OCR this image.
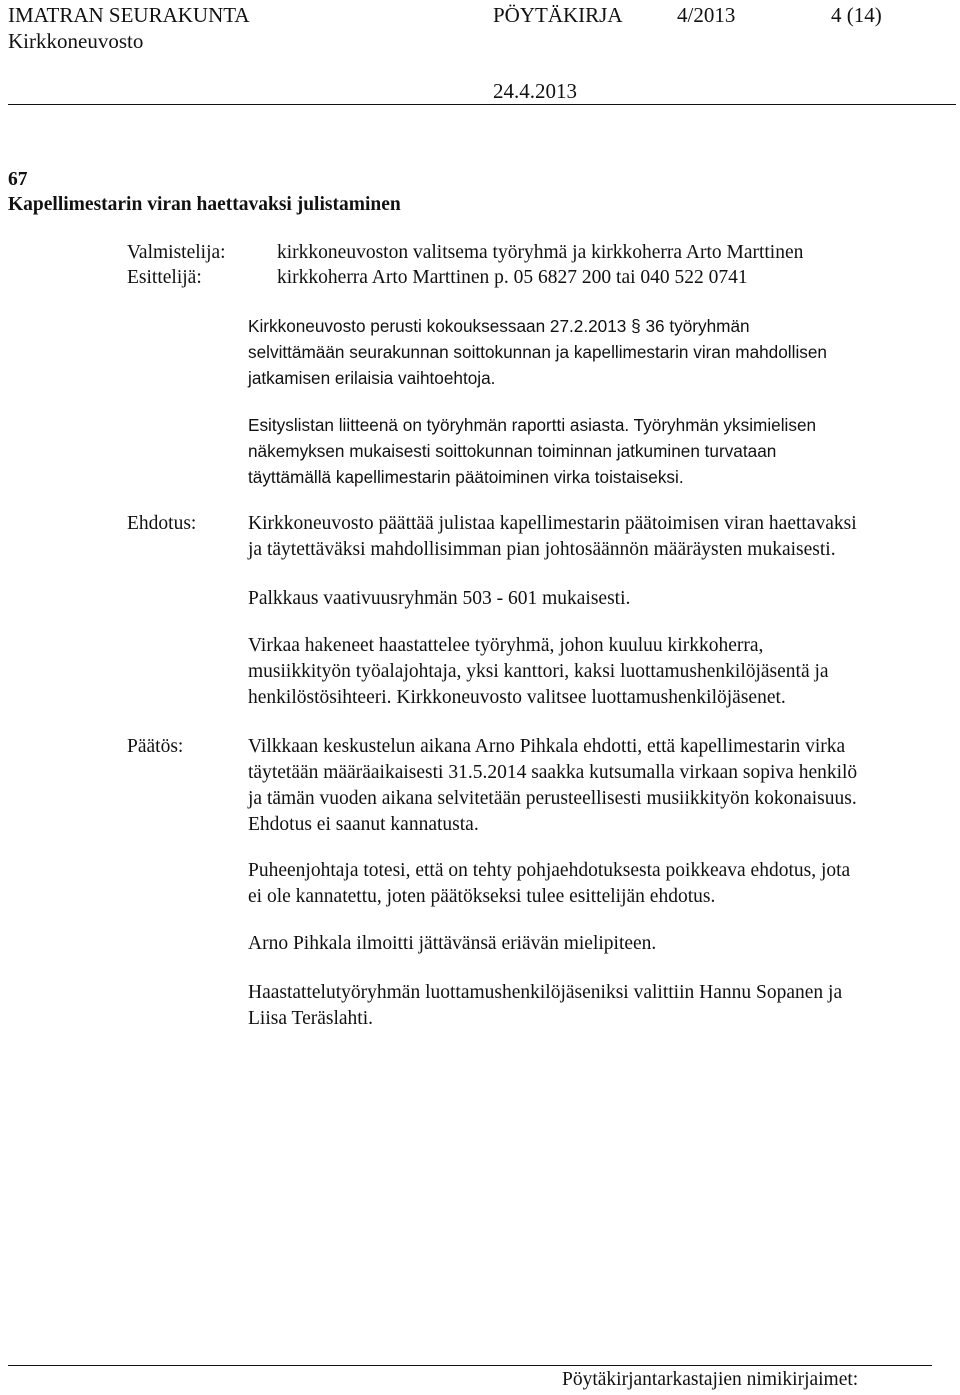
IMATRAN SEURAKUNTA	PÖYTÄKIRJA	4/2013	4 (14)
Kirkkoneuvosto
24.4.2013
67
Kapellimestarin viran haettavaksi julistaminen
Valmistelija:	kirkkoneuvoston valitsema työryhmä ja kirkkoherra Arto Marttinen
Esittelijä:	kirkkoherra Arto Marttinen p. 05 6827 200 tai 040 522 0741
Kirkkoneuvosto perusti kokouksessaan 27.2.2013 § 36 työryhmän
selvittämään seurakunnan soittokunnan ja kapellimestarin viran mahdollisen
jatkamisen erilaisia vaihtoehtoja.
Esityslistan liitteenä on työryhmän raportti asiasta. Työryhmän yksimielisen
näkemyksen mukaisesti soittokunnan toiminnan jatkuminen turvataan
täyttämällä kapellimestarin päätoiminen virka toistaiseksi.
Ehdotus:	Kirkkoneuvosto päättää julistaa kapellimestarin päätoimisen viran haettavaksi
ja täytettäväksi mahdollisimman pian johtosäännön määräysten mukaisesti.
Palkkaus vaativuusryhmän 503 - 601 mukaisesti.
Virkaa hakeneet haastattelee työryhmä, johon kuuluu kirkkoherra,
musiikkityön työalajohtaja, yksi kanttori, kaksi luottamushenkilöjäsentä ja
henkilöstösihteeri. Kirkkoneuvosto valitsee luottamushenkilöjäsenet.
Päätös:	Vilkkaan keskustelun aikana Arno Pihkala ehdotti, että kapellimestarin virka
täytetään määräaikaisesti 31.5.2014 saakka kutsumalla virkaan sopiva henkilö
ja tämän vuoden aikana selvitetään perusteellisesti musiikkityön kokonaisuus.
Ehdotus ei saanut kannatusta.
Puheenjohtaja totesi, että on tehty pohjaehdotuksesta poikkeava ehdotus, jota
ei ole kannatettu, joten päätökseksi tulee esittelijän ehdotus.
Arno Pihkala ilmoitti jättävänsä eriävän mielipiteen.
Haastattelutyöryhmän luottamushenkilöjäseniksi valittiin Hannu Sopanen ja
Liisa Teräslahti.
Pöytäkirjantarkastajien nimikirjaimet:
